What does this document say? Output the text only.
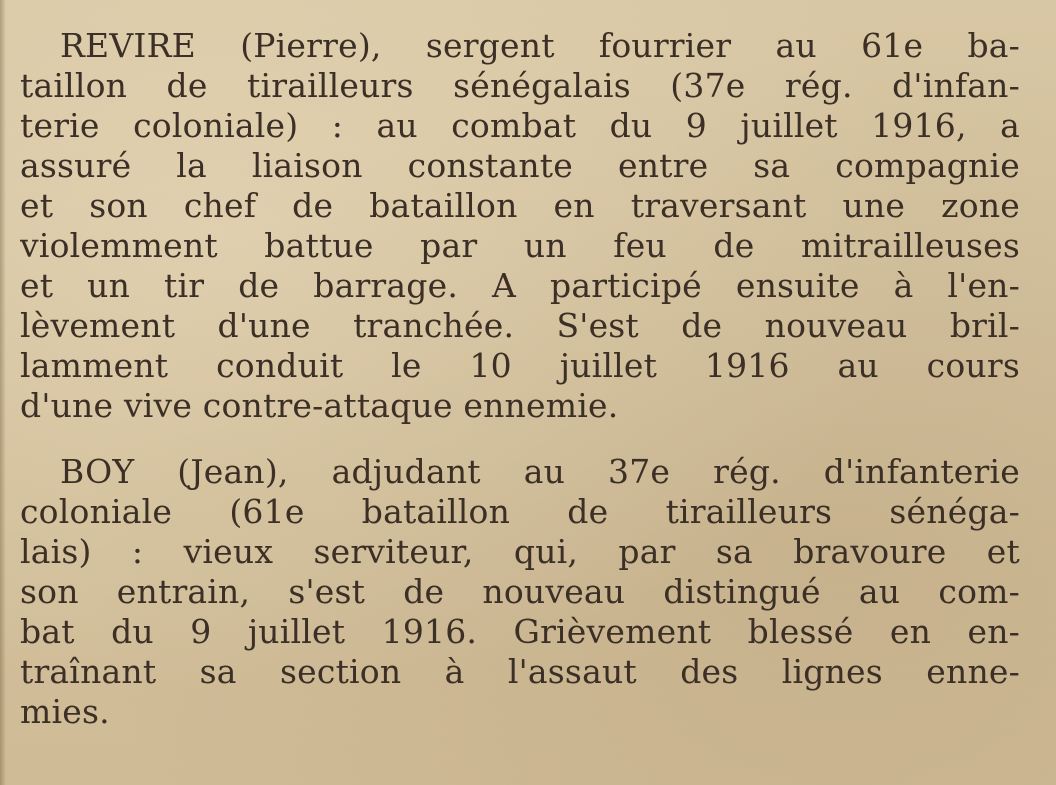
REVIRE (Pierre), sergent fourrier au 61e ba-
taillon de tirailleurs sénégalais (37e rég. d'infan-
terie coloniale) : au combat du 9 juillet 1916, a
assuré la liaison constante entre sa compagnie
et son chef de bataillon en traversant une zone
violemment battue par un feu de mitrailleuses
et un tir de barrage. A participé ensuite à l'en-
lèvement d'une tranchée. S'est de nouveau bril-
lamment conduit le 10 juillet 1916 au cours
d'une vive contre-attaque ennemie.
BOY (Jean), adjudant au 37e rég. d'infanterie
coloniale (61e bataillon de tirailleurs sénéga-
lais) : vieux serviteur, qui, par sa bravoure et
son entrain, s'est de nouveau distingué au com-
bat du 9 juillet 1916. Grièvement blessé en en-
traînant sa section à l'assaut des lignes enne-
mies.
